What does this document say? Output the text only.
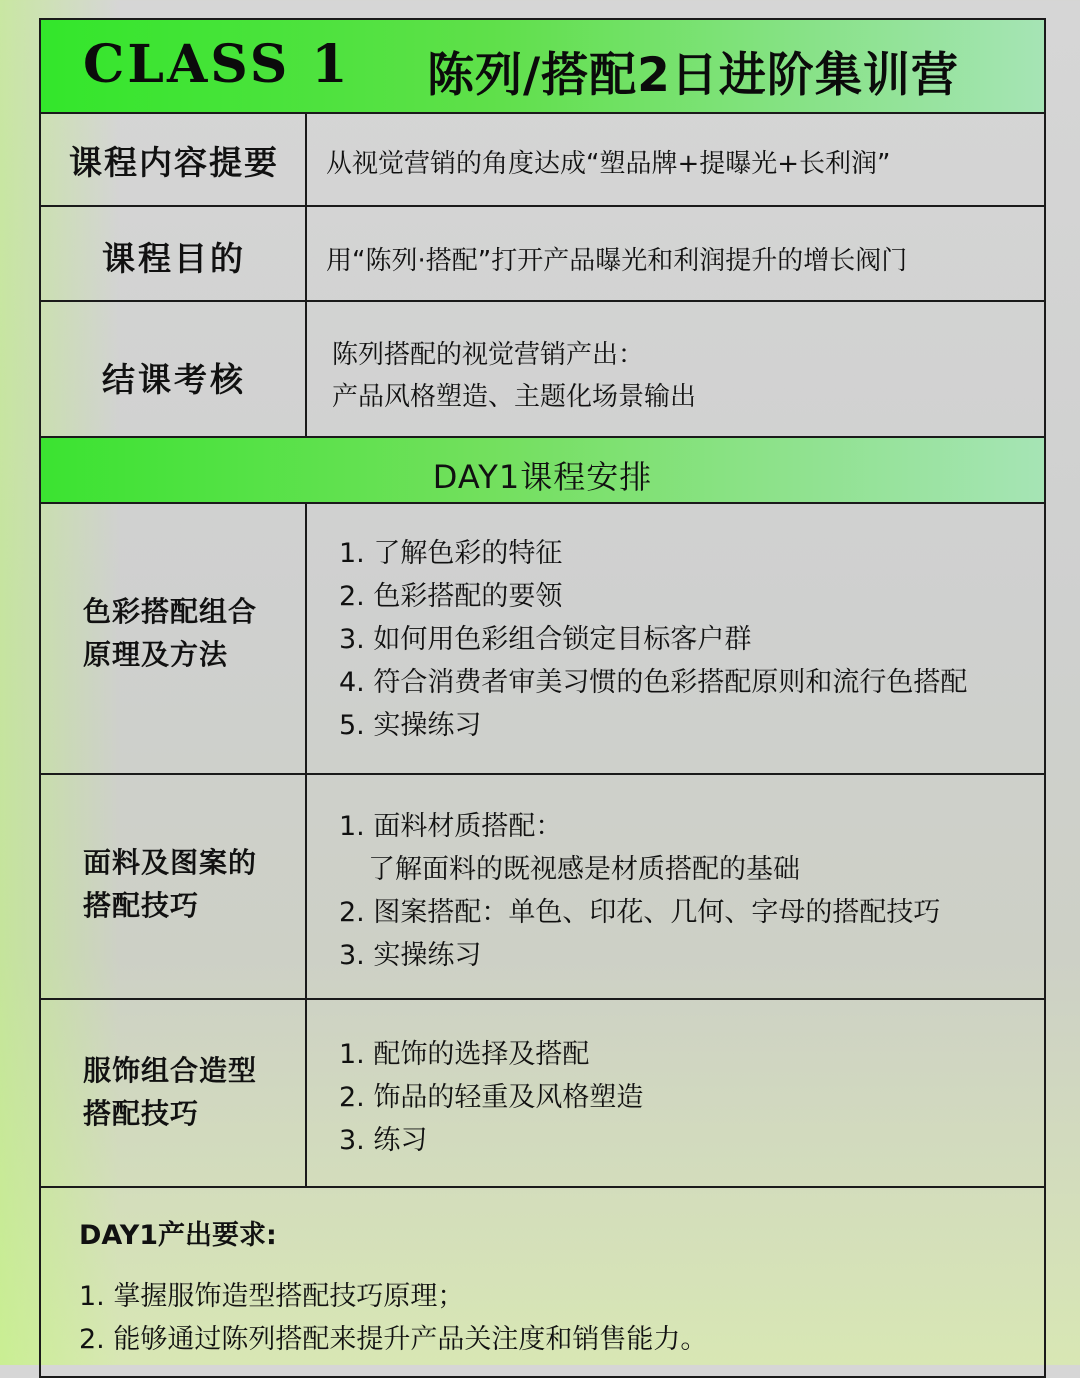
CLASS 1 陈列/搭配2日进阶集训营
课程内容提要	从视觉营销的角度达成“塑品牌+提曝光+长利润”
课程目的	用“陈列·搭配”打开产品曝光和利润提升的增长阀门
结课考核
陈列搭配的视觉营销产出：
产品风格塑造、主题化场景输出
DAY1课程安排
色彩搭配组合
原理及方法
1. 了解色彩的特征
2. 色彩搭配的要领
3. 如何用色彩组合锁定目标客户群
4. 符合消费者审美习惯的色彩搭配原则和流行色搭配
5. 实操练习
面料及图案的
搭配技巧
1. 面料材质搭配：
了解面料的既视感是材质搭配的基础
2. 图案搭配：单色、印花、几何、字母的搭配技巧
3. 实操练习
服饰组合造型
搭配技巧
1. 配饰的选择及搭配
2. 饰品的轻重及风格塑造
3. 练习
DAY1产出要求:
1. 掌握服饰造型搭配技巧原理；
2. 能够通过陈列搭配来提升产品关注度和销售能力。
